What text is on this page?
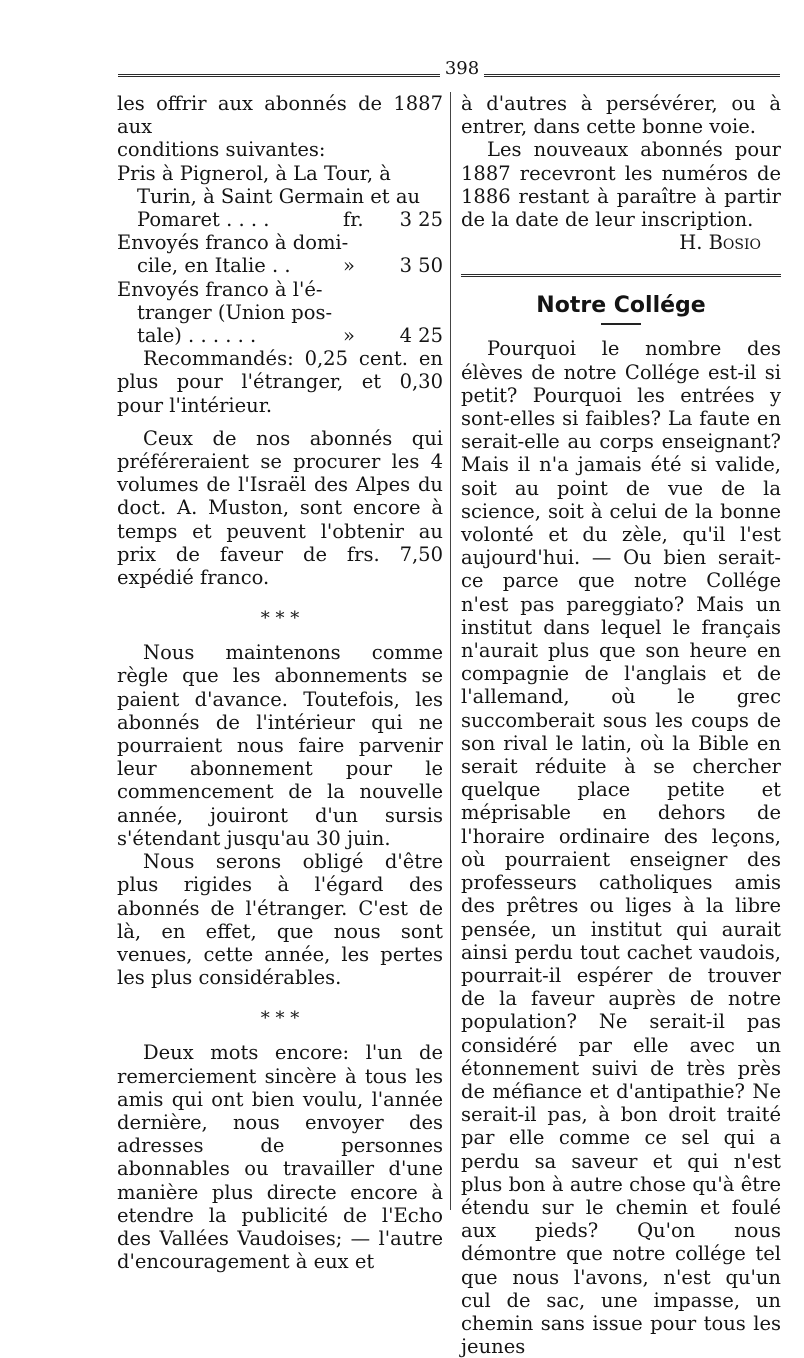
398

les offrir aux abonnés de 1887 aux

conditions suivantes:

Pris à Pignerol, à La Tour, à

Turin, à Saint Germain et au

Pomaret . . . .	fr. 3 25

Envoyés franco à domi-

cile, en Italie . .	» 3 50

Envoyés franco à l'é-

tranger (Union pos-

tale) . . . . . .	» 4 25

Recommandés: 0,25 cent. en plus pour l'étranger, et 0,30 pour l'intérieur.

Ceux de nos abonnés qui préféreraient se procurer les 4 volumes de l'Israël des Alpes du doct. A. Muston, sont encore à temps et peuvent l'obtenir au prix de faveur de frs. 7,50 expédié franco.

* * *

Nous maintenons comme règle que les abonnements se paient d'avance. Toutefois, les abonnés de l'intérieur qui ne pourraient nous faire parvenir leur abonnement pour le commencement de la nouvelle année, jouiront d'un sursis s'étendant jusqu'au 30 juin.

Nous serons obligé d'être plus rigides à l'égard des abonnés de l'étranger. C'est de là, en effet, que nous sont venues, cette année, les pertes les plus considérables.

* * *

Deux mots encore: l'un de remerciement sincère à tous les amis qui ont bien voulu, l'année dernière, nous envoyer des adresses de personnes abonnables ou travailler d'une manière plus directe encore à etendre la publicité de l'Echo des Vallées Vaudoises; — l'autre d'encouragement à eux et

à d'autres à persévérer, ou à entrer, dans cette bonne voie.

Les nouveaux abonnés pour 1887 recevront les numéros de 1886 restant à paraître à partir de la date de leur inscription.

H. Bosio

Notre Collége

Pourquoi le nombre des élèves de notre Collége est-il si petit? Pourquoi les entrées y sont-elles si faibles? La faute en serait-elle au corps enseignant? Mais il n'a jamais été si valide, soit au point de vue de la science, soit à celui de la bonne volonté et du zèle, qu'il l'est aujourd'hui. — Ou bien serait-ce parce que notre Collége n'est pas pareggiato? Mais un institut dans lequel le français n'aurait plus que son heure en compagnie de l'anglais et de l'allemand, où le grec succomberait sous les coups de son rival le latin, où la Bible en serait réduite à se chercher quelque place petite et méprisable en dehors de l'horaire ordinaire des leçons, où pourraient enseigner des professeurs catholiques amis des prêtres ou liges à la libre pensée, un institut qui aurait ainsi perdu tout cachet vaudois, pourrait-il espérer de trouver de la faveur auprès de notre population? Ne serait-il pas considéré par elle avec un étonnement suivi de très près de méfiance et d'antipathie? Ne serait-il pas, à bon droit traité par elle comme ce sel qui a perdu sa saveur et qui n'est plus bon à autre chose qu'à être étendu sur le chemin et foulé aux pieds? Qu'on nous démontre que notre collége tel que nous l'avons, n'est qu'un cul de sac, une impasse, un chemin sans issue pour tous les jeunes
